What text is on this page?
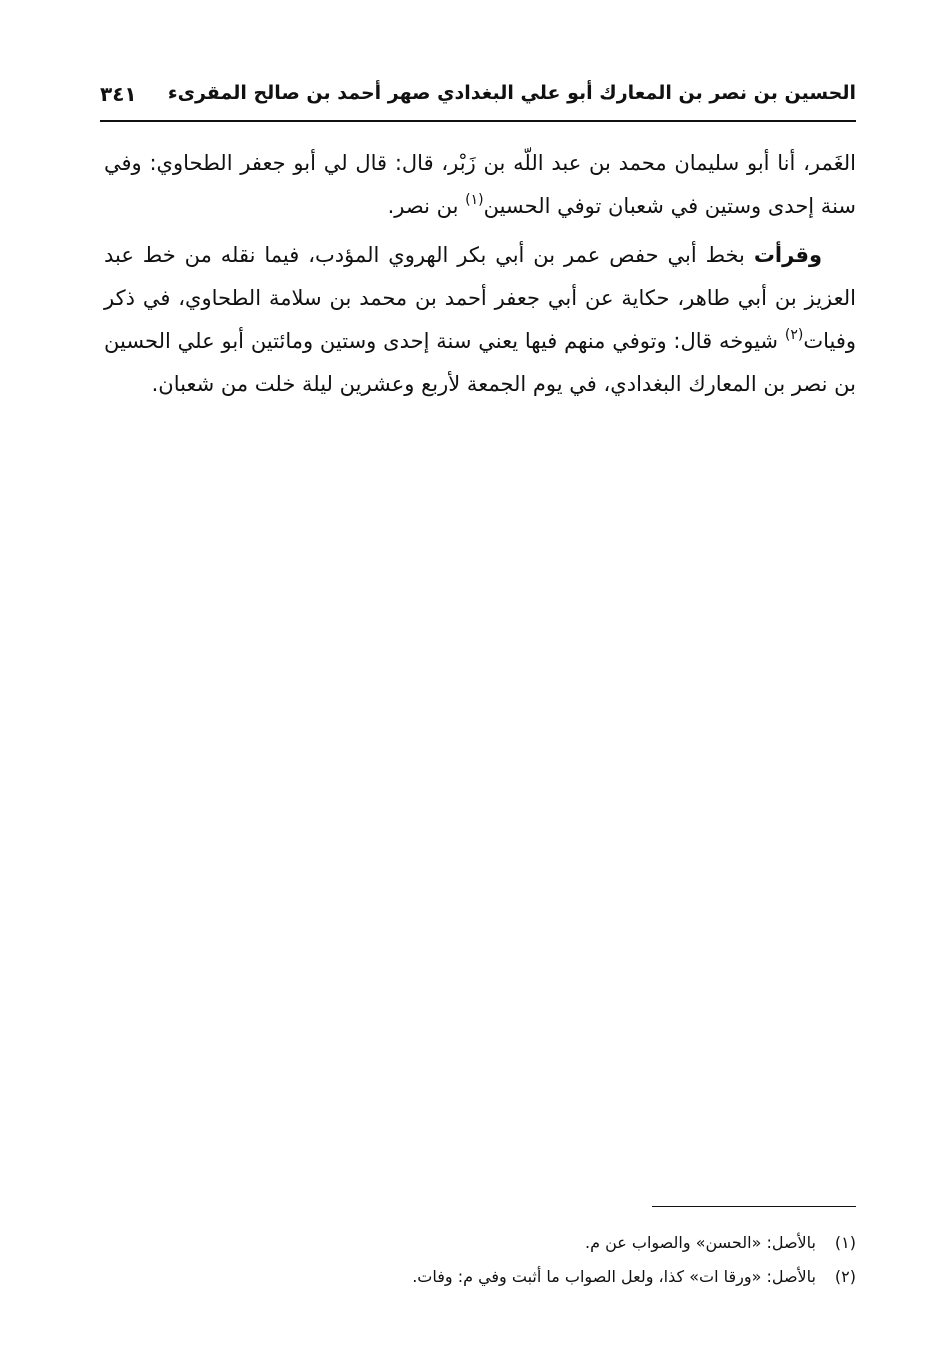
الحسين بن نصر بن المعارك أبو علي البغدادي صهر أحمد بن صالح المقرىء
٣٤١

الغَمر، أنا أبو سليمان محمد بن عبد اللّه بن زَبْر، قال: قال لي أبو جعفر الطحاوي: وفي سنة إحدى وستين في شعبان توفي الحسين$^{(١)}$ بن نصر.

وقرأت بخط أبي حفص عمر بن أبي بكر الهروي المؤدب، فيما نقله من خط عبد العزيز بن أبي طاهر، حكاية عن أبي جعفر أحمد بن محمد بن سلامة الطحاوي، في ذكر وفيات$^{(٢)}$ شيوخه قال: وتوفي منهم فيها يعني سنة إحدى وستين ومائتين أبو علي الحسين بن نصر بن المعارك البغدادي، في يوم الجمعة لأربع وعشرين ليلة خلت من شعبان.

(١)بالأصل: «الحسن» والصواب عن م.
(٢)بالأصل: «ورقا ات» كذا، ولعل الصواب ما أثبت وفي م: وفات.
